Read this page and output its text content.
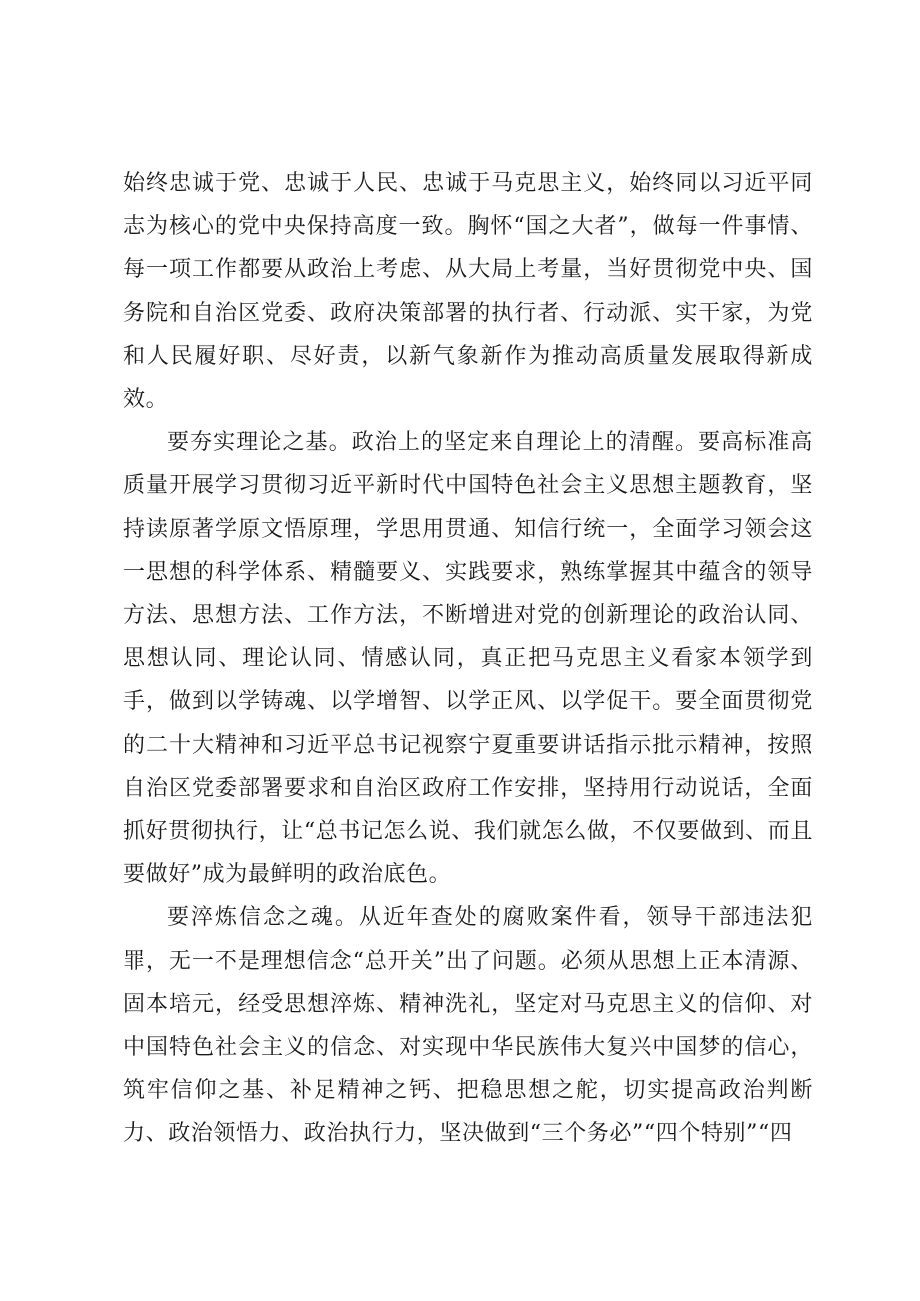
始终忠诚于党、忠诚于人民、忠诚于马克思主义，始终同以习近平同志为核心的党中央保持高度一致。胸怀“国之大者”，做每一件事情、每一项工作都要从政治上考虑、从大局上考量，当好贯彻党中央、国务院和自治区党委、政府决策部署的执行者、行动派、实干家，为党和人民履好职、尽好责，以新气象新作为推动高质量发展取得新成效。

要夯实理论之基。政治上的坚定来自理论上的清醒。要高标准高质量开展学习贯彻习近平新时代中国特色社会主义思想主题教育，坚持读原著学原文悟原理，学思用贯通、知信行统一，全面学习领会这一思想的科学体系、精髓要义、实践要求，熟练掌握其中蕴含的领导方法、思想方法、工作方法，不断增进对党的创新理论的政治认同、思想认同、理论认同、情感认同，真正把马克思主义看家本领学到手，做到以学铸魂、以学增智、以学正风、以学促干。要全面贯彻党的二十大精神和习近平总书记视察宁夏重要讲话指示批示精神，按照自治区党委部署要求和自治区政府工作安排，坚持用行动说话，全面抓好贯彻执行，让“总书记怎么说、我们就怎么做，不仅要做到、而且要做好”成为最鲜明的政治底色。

要淬炼信念之魂。从近年查处的腐败案件看，领导干部违法犯罪，无一不是理想信念“总开关”出了问题。必须从思想上正本清源、固本培元，经受思想淬炼、精神洗礼，坚定对马克思主义的信仰、对中国特色社会主义的信念、对实现中华民族伟大复兴中国梦的信心，筑牢信仰之基、补足精神之钙、把稳思想之舵，切实提高政治判断力、政治领悟力、政治执行力，坚决做到“三个务必”“四个特别”“四
